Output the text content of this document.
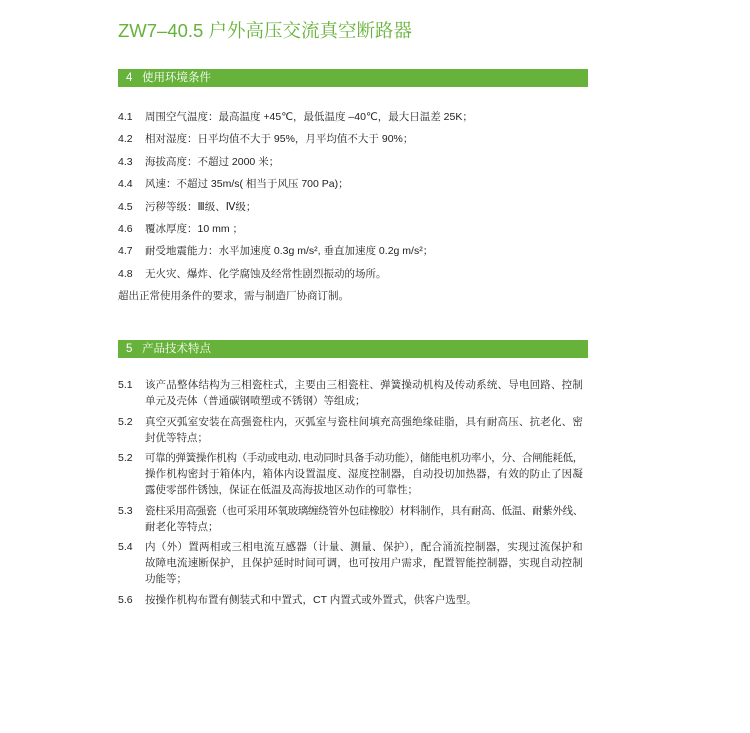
ZW7–40.5 户外高压交流真空断路器
4 使用环境条件
4.1 周围空气温度：最高温度 +45℃，最低温度 –40℃，最大日温差 25K；
4.2 相对湿度：日平均值不大于 95%，月平均值不大于 90%；
4.3 海拔高度：不超过 2000 米；
4.4 风速：不超过 35m/s( 相当于风压 700 Pa)；
4.5 污秽等级：Ⅲ级、Ⅳ级；
4.6 覆冰厚度：10 mm ；
4.7 耐受地震能力：水平加速度 0.3g m/s², 垂直加速度 0.2g m/s²；
4.8 无火灾、爆炸、化学腐蚀及经常性剧烈振动的场所。
超出正常使用条件的要求，需与制造厂协商订制。
5 产品技术特点
5.1 该产品整体结构为三相瓷柱式，主要由三相瓷柱、弹簧操动机构及传动系统、导电回路、控制
单元及壳体（普通碳钢喷塑或不锈钢）等组成；
5.2 真空灭弧室安装在高强瓷柱内，灭弧室与瓷柱间填充高强绝缘硅脂，具有耐高压、抗老化、密
封优等特点；
5.2 可靠的弹簧操作机构（手动或电动, 电动同时具备手动功能），储能电机功率小，分、合闸能耗低，
操作机构密封于箱体内，箱体内设置温度、湿度控制器，自动投切加热器，有效的防止了因凝
露使零部件锈蚀，保证在低温及高海拔地区动作的可靠性；
5.3 瓷柱采用高强瓷（也可采用环氧玻璃缠绕管外包硅橡胶）材料制作，具有耐高、低温、耐紫外线、
耐老化等特点；
5.4 内（外）置两相或三相电流互感器（计量、测量、保护），配合涌流控制器，实现过流保护和
故障电流速断保护，且保护延时时间可调，也可按用户需求，配置智能控制器，实现自动控制
功能等；
5.6 按操作机构布置有侧装式和中置式，CT 内置式或外置式，供客户选型。
